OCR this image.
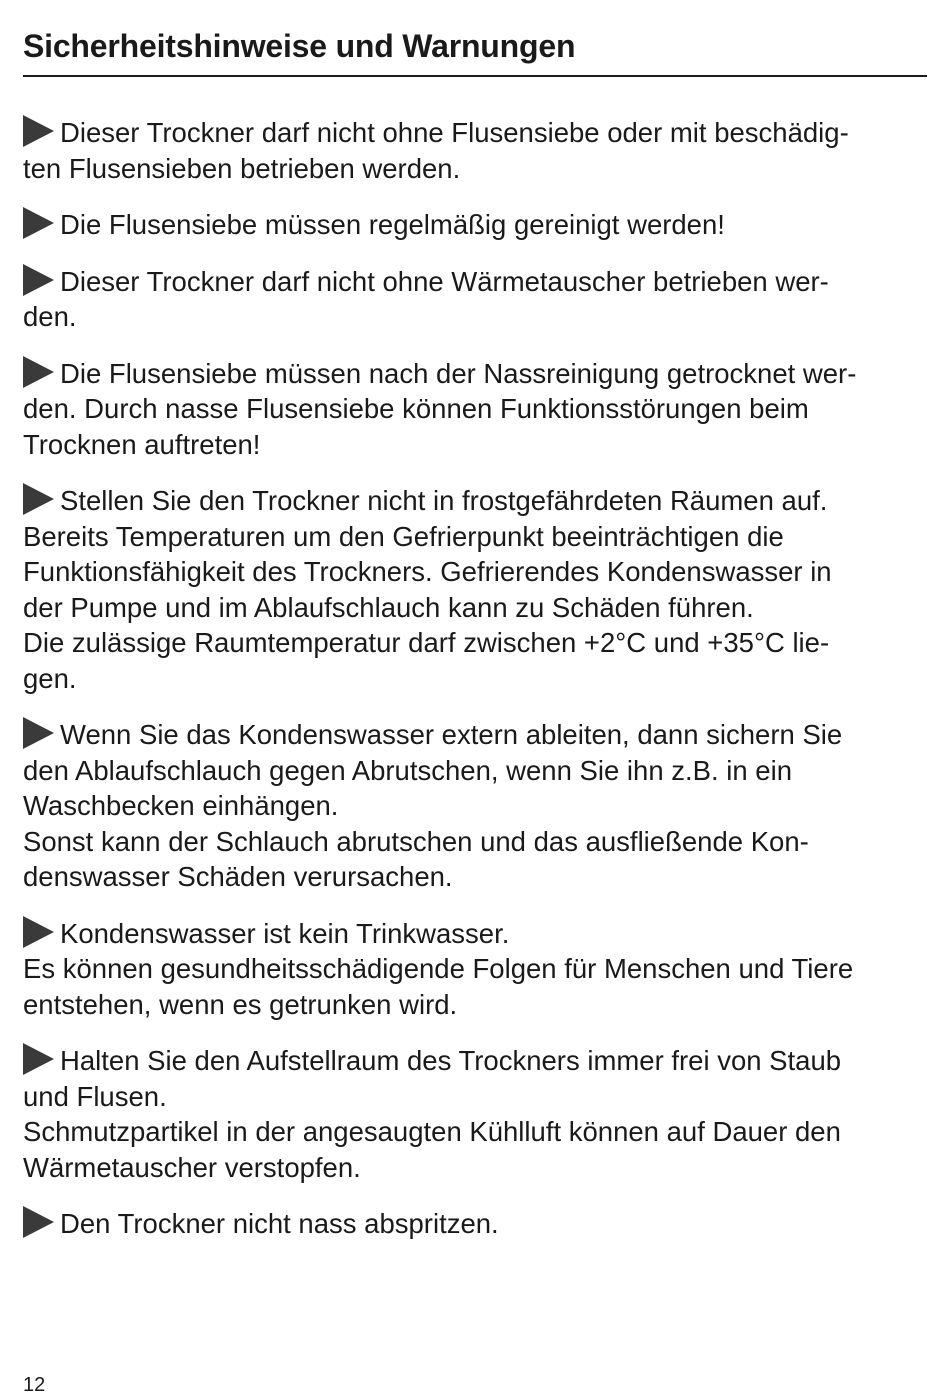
Sicherheitshinweise und Warnungen

Dieser Trockner darf nicht ohne Flusensiebe oder mit beschädig-

ten Flusensieben betrieben werden.

Die Flusensiebe müssen regelmäßig gereinigt werden!

Dieser Trockner darf nicht ohne Wärmetauscher betrieben wer-

den.

Die Flusensiebe müssen nach der Nassreinigung getrocknet wer-

den. Durch nasse Flusensiebe können Funktionsstörungen beim

Trocknen auftreten!

Stellen Sie den Trockner nicht in frostgefährdeten Räumen auf.

Bereits Temperaturen um den Gefrierpunkt beeinträchtigen die

Funktionsfähigkeit des Trockners. Gefrierendes Kondenswasser in

der Pumpe und im Ablaufschlauch kann zu Schäden führen.

Die zulässige Raumtemperatur darf zwischen +2°C und +35°C lie-

gen.

Wenn Sie das Kondenswasser extern ableiten, dann sichern Sie

den Ablaufschlauch gegen Abrutschen, wenn Sie ihn z.B. in ein

Waschbecken einhängen.

Sonst kann der Schlauch abrutschen und das ausfließende Kon-

denswasser Schäden verursachen.

Kondenswasser ist kein Trinkwasser.

Es können gesundheitsschädigende Folgen für Menschen und Tiere

entstehen, wenn es getrunken wird.

Halten Sie den Aufstellraum des Trockners immer frei von Staub

und Flusen.

Schmutzpartikel in der angesaugten Kühlluft können auf Dauer den

Wärmetauscher verstopfen.

Den Trockner nicht nass abspritzen.

12
